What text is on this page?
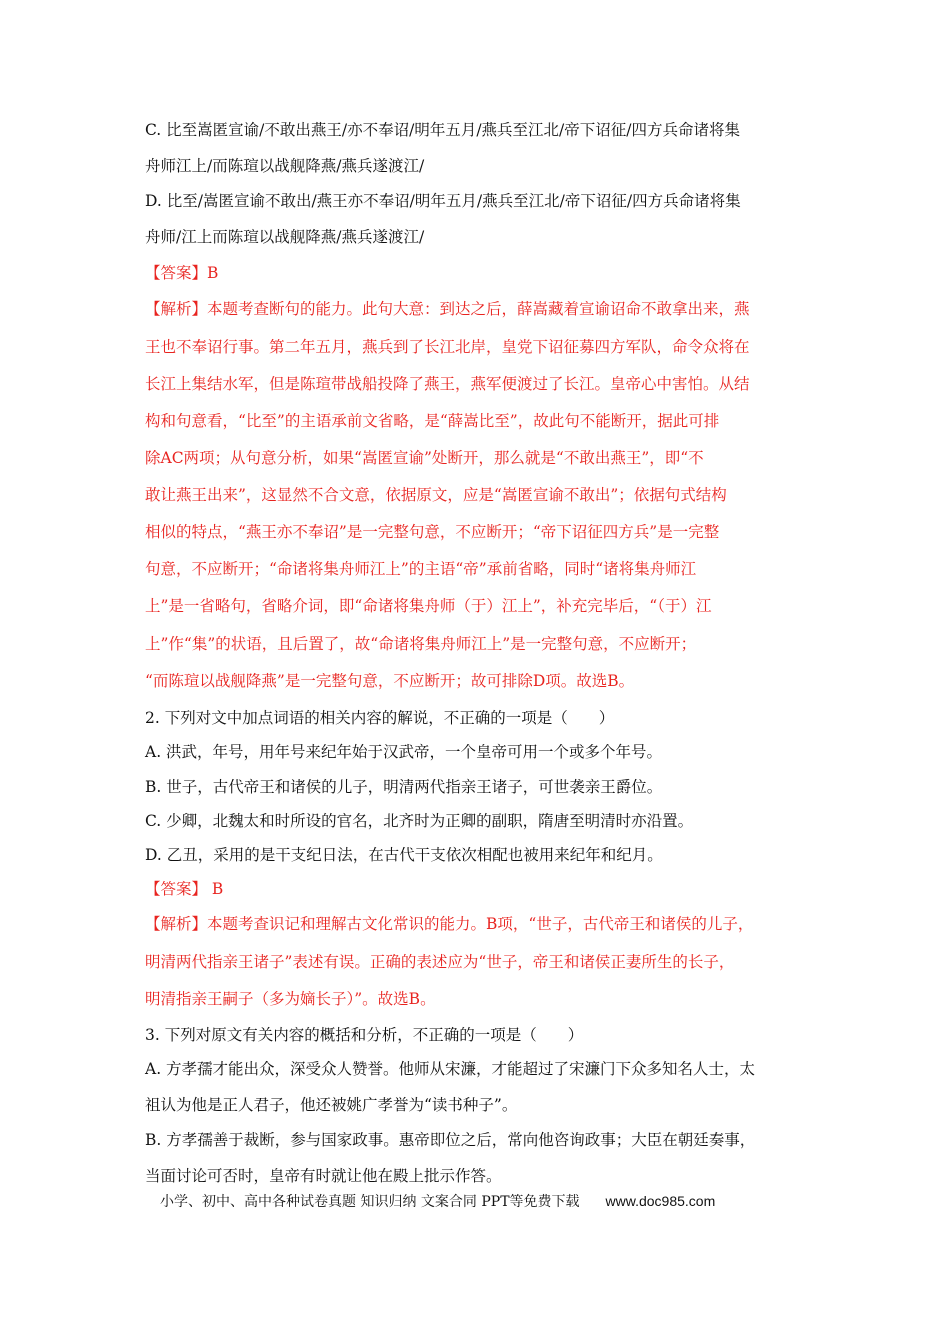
C. 比至嵩匿宣谕/不敢出燕王/亦不奉诏/明年五月/燕兵至江北/帝下诏征/四方兵命诸将集
舟师江上/而陈瑄以战舰降燕/燕兵遂渡江/
D. 比至/嵩匿宣谕不敢出/燕王亦不奉诏/明年五月/燕兵至江北/帝下诏征/四方兵命诸将集
舟师/江上而陈瑄以战舰降燕/燕兵遂渡江/
【答案】B
【解析】本题考查断句的能力。此句大意：到达之后，薛嵩藏着宣谕诏命不敢拿出来，燕
王也不奉诏行事。第二年五月，燕兵到了长江北岸，皇党下诏征募四方军队，命令众将在
长江上集结水军，但是陈瑄带战船投降了燕王，燕军便渡过了长江。皇帝心中害怕。从结
构和句意看，“比至”的主语承前文省略，是“薛嵩比至”，故此句不能断开，据此可排
除AC两项；从句意分析，如果“嵩匿宣谕”处断开，那么就是“不敢出燕王”，即“不
敢让燕王出来”，这显然不合文意，依据原文，应是“嵩匿宣谕不敢出”；依据句式结构
相似的特点，“燕王亦不奉诏”是一完整句意，不应断开；“帝下诏征四方兵”是一完整
句意，不应断开；“命诸将集舟师江上”的主语“帝”承前省略，同时“诸将集舟师江
上”是一省略句，省略介词，即“命诸将集舟师（于）江上”，补充完毕后，“（于）江
上”作“集”的状语，且后置了，故“命诸将集舟师江上”是一完整句意，不应断开；
“而陈瑄以战舰降燕”是一完整句意，不应断开；故可排除D项。故选B。
2. 下列对文中加点词语的相关内容的解说，不正确的一项是（　　）
A. 洪武，年号，用年号来纪年始于汉武帝，一个皇帝可用一个或多个年号。
B. 世子，古代帝王和诸侯的儿子，明清两代指亲王诸子，可世袭亲王爵位。
C. 少卿，北魏太和时所设的官名，北齐时为正卿的副职，隋唐至明清时亦沿置。
D. 乙丑，采用的是干支纪日法，在古代干支依次相配也被用来纪年和纪月。
【答案】 B
【解析】本题考查识记和理解古文化常识的能力。B项，“世子，古代帝王和诸侯的儿子，
明清两代指亲王诸子”表述有误。正确的表述应为“世子，帝王和诸侯正妻所生的长子，
明清指亲王嗣子（多为嫡长子）”。故选B。
3. 下列对原文有关内容的概括和分析，不正确的一项是（　　）
A. 方孝孺才能出众，深受众人赞誉。他师从宋濂，才能超过了宋濂门下众多知名人士，太
祖认为他是正人君子，他还被姚广孝誉为“读书种子”。
B. 方孝孺善于裁断，参与国家政事。惠帝即位之后，常向他咨询政事；大臣在朝廷奏事，
当面讨论可否时，皇帝有时就让他在殿上批示作答。
小学、初中、高中各种试卷真题 知识归纳 文案合同 PPT等免费下载 www.doc985.com
